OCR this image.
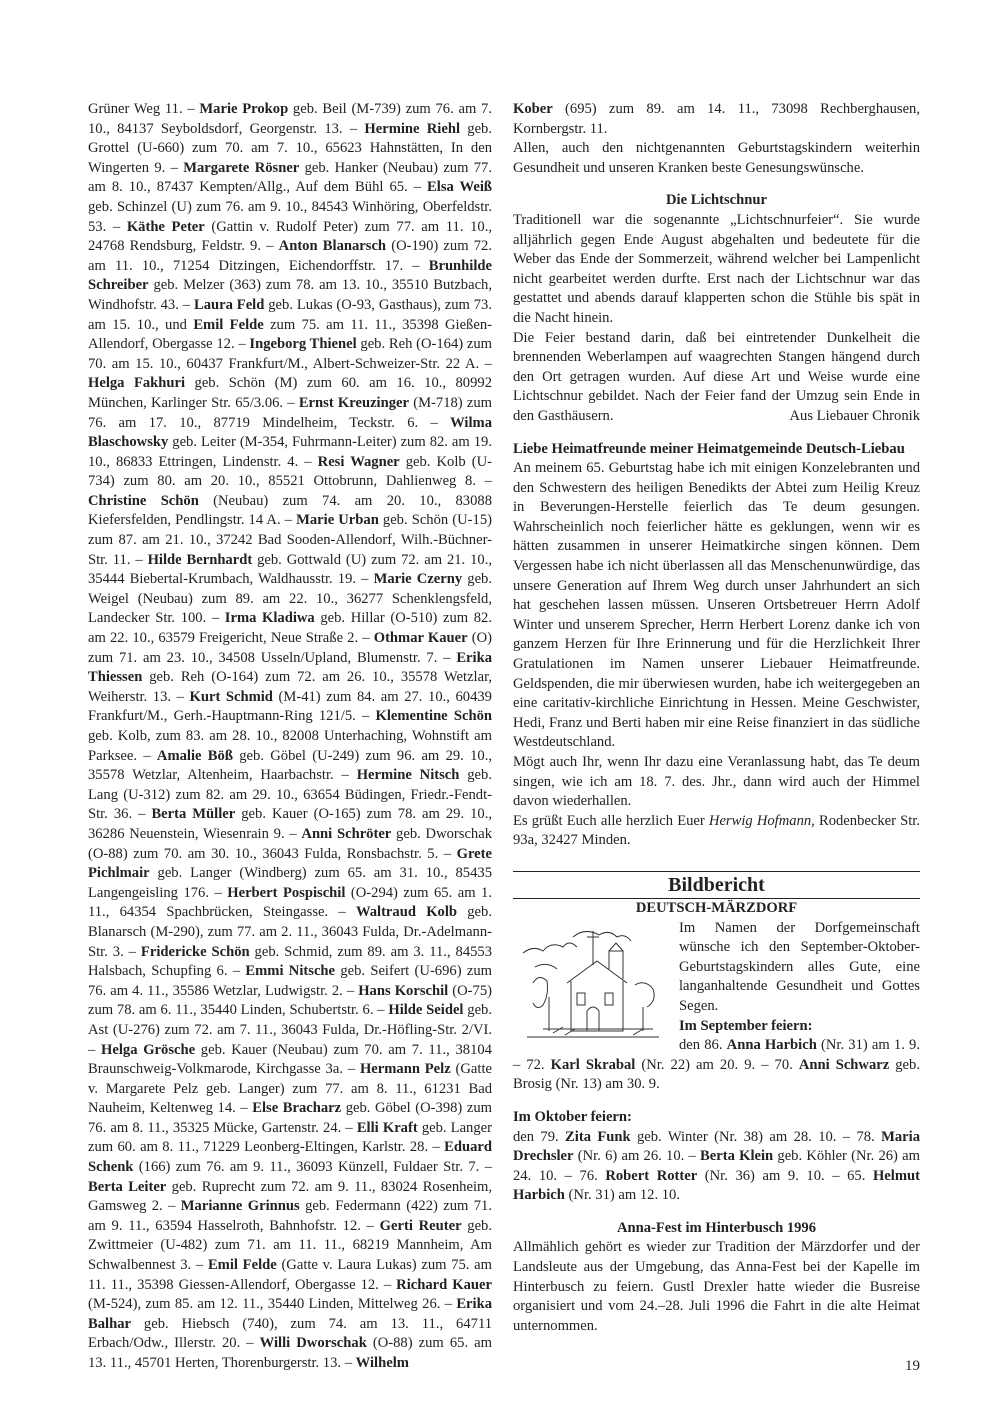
Grüner Weg 11. – Marie Prokop geb. Beil (M-739) zum 76. am 7. 10., 84137 Seyboldsdorf, Georgenstr. 13. – Hermine Riehl geb. Grottel (U-660) zum 70. am 7. 10., 65623 Hahnstätten, In den Wingerten 9. – Margarete Rösner geb. Hanker (Neubau) zum 77. am 8. 10., 87437 Kempten/Allg., Auf dem Bühl 65. – Elsa Weiß geb. Schinzel (U) zum 76. am 9. 10., 84543 Winhöring, Oberfeldstr. 53. – Käthe Peter (Gattin v. Rudolf Peter) zum 77. am 11. 10., 24768 Rendsburg, Feldstr. 9. – Anton Blanarsch (O-190) zum 72. am 11. 10., 71254 Ditzingen, Eichendorffstr. 17. – Brunhilde Schreiber geb. Melzer (363) zum 78. am 13. 10., 35510 Butzbach, Windhofstr. 43. – Laura Feld geb. Lukas (O-93, Gasthaus), zum 73. am 15. 10., und Emil Felde zum 75. am 11. 11., 35398 Gießen-Allendorf, Obergasse 12. – Ingeborg Thienel geb. Reh (O-164) zum 70. am 15. 10., 60437 Frankfurt/M., Albert-Schweizer-Str. 22 A. – Helga Fakhuri geb. Schön (M) zum 60. am 16. 10., 80992 München, Karlinger Str. 65/3.06. – Ernst Kreuzinger (M-718) zum 76. am 17. 10., 87719 Mindelheim, Teckstr. 6. – Wilma Blaschowsky geb. Leiter (M-354, Fuhrmann-Leiter) zum 82. am 19. 10., 86833 Ettringen, Lindenstr. 4. – Resi Wagner geb. Kolb (U-734) zum 80. am 20. 10., 85521 Ottobrunn, Dahlienweg 8. – Christine Schön (Neubau) zum 74. am 20. 10., 83088 Kiefersfelden, Pendlingstr. 14 A. – Marie Urban geb. Schön (U-15) zum 87. am 21. 10., 37242 Bad Sooden-Allendorf, Wilh.-Büchner-Str. 11. – Hilde Bernhardt geb. Gottwald (U) zum 72. am 21. 10., 35444 Biebertal-Krumbach, Waldhausstr. 19. – Marie Czerny geb. Weigel (Neubau) zum 89. am 22. 10., 36277 Schenklengsfeld, Landecker Str. 100. – Irma Kladiwa geb. Hillar (O-510) zum 82. am 22. 10., 63579 Freigericht, Neue Straße 2. – Othmar Kauer (O) zum 71. am 23. 10., 34508 Usseln/Upland, Blumenstr. 7. – Erika Thiessen geb. Reh (O-164) zum 72. am 26. 10., 35578 Wetzlar, Weiherstr. 13. – Kurt Schmid (M-41) zum 84. am 27. 10., 60439 Frankfurt/M., Gerh.-Hauptmann-Ring 121/5. – Klementine Schön geb. Kolb, zum 83. am 28. 10., 82008 Unterhaching, Wohnstift am Parksee. – Amalie Böß geb. Göbel (U-249) zum 96. am 29. 10., 35578 Wetzlar, Altenheim, Haarbachstr. – Hermine Nitsch geb. Lang (U-312) zum 82. am 29. 10., 63654 Büdingen, Friedr.-Fendt-Str. 36. – Berta Müller geb. Kauer (O-165) zum 78. am 29. 10., 36286 Neuenstein, Wiesenrain 9. – Anni Schröter geb. Dworschak (O-88) zum 70. am 30. 10., 36043 Fulda, Ronsbachstr. 5. – Grete Pichlmair geb. Langer (Windberg) zum 65. am 31. 10., 85435 Langengeisling 176. – Herbert Pospischil (O-294) zum 65. am 1. 11., 64354 Spachbrücken, Steingasse. – Waltraud Kolb geb. Blanarsch (M-290), zum 77. am 2. 11., 36043 Fulda, Dr.-Adelmann-Str. 3. – Fridericke Schön geb. Schmid, zum 89. am 3. 11., 84553 Halsbach, Schupfing 6. – Emmi Nitsche geb. Seifert (U-696) zum 76. am 4. 11., 35586 Wetzlar, Ludwigstr. 2. – Hans Korschil (O-75) zum 78. am 6. 11., 35440 Linden, Schubertstr. 6. – Hilde Seidel geb. Ast (U-276) zum 72. am 7. 11., 36043 Fulda, Dr.-Höfling-Str. 2/VI. – Helga Grösche geb. Kauer (Neubau) zum 70. am 7. 11., 38104 Braunschweig-Volkmarode, Kirchgasse 3a. – Hermann Pelz (Gatte v. Margarete Pelz geb. Langer) zum 77. am 8. 11., 61231 Bad Nauheim, Keltenweg 14. – Else Bracharz geb. Göbel (O-398) zum 76. am 8. 11., 35325 Mücke, Gartenstr. 24. – Elli Kraft geb. Langer zum 60. am 8. 11., 71229 Leonberg-Eltingen, Karlstr. 28. – Eduard Schenk (166) zum 76. am 9. 11., 36093 Künzell, Fuldaer Str. 7. – Berta Leiter geb. Ruprecht zum 72. am 9. 11., 83024 Rosenheim, Gamsweg 2. – Marianne Grinnus geb. Federmann (422) zum 71. am 9. 11., 63594 Hasselroth, Bahnhofstr. 12. – Gerti Reuter geb. Zwittmeier (U-482) zum 71. am 11. 11., 68219 Mannheim, Am Schwalbennest 3. – Emil Felde (Gatte v. Laura Lukas) zum 75. am 11. 11., 35398 Giessen-Allendorf, Obergasse 12. – Richard Kauer (M-524), zum 85. am 12. 11., 35440 Linden, Mittelweg 26. – Erika Balhar geb. Hiebsch (740), zum 74. am 13. 11., 64711 Erbach/Odw., Illerstr. 20. – Willi Dworschak (O-88) zum 65. am 13. 11., 45701 Herten, Thorenburgerstr. 13. – Wilhelm

Kober (695) zum 89. am 14. 11., 73098 Rechberghausen, Kornbergstr. 11.

Allen, auch den nichtgenannten Geburtstagskindern weiterhin Gesundheit und unseren Kranken beste Genesungswünsche.

Die Lichtschnur

Traditionell war die sogenannte „Lichtschnurfeier“. Sie wurde alljährlich gegen Ende August abgehalten und bedeutete für die Weber das Ende der Sommerzeit, während welcher bei Lampenlicht nicht gearbeitet werden durfte. Erst nach der Lichtschnur war das gestattet und abends darauf klapperten schon die Stühle bis spät in die Nacht hinein.

Die Feier bestand darin, daß bei eintretender Dunkelheit die brennenden Weberlampen auf waagrechten Stangen hängend durch den Ort getragen wurden. Auf diese Art und Weise wurde eine Lichtschnur gebildet. Nach der Feier fand der Umzug sein Ende in den Gasthäusern.	Aus Liebauer Chronik

Liebe Heimatfreunde meiner Heimatgemeinde Deutsch-Liebau

An meinem 65. Geburtstag habe ich mit einigen Konzelebranten und den Schwestern des heiligen Benedikts der Abtei zum Heilig Kreuz in Beverungen-Herstelle feierlich das Te deum gesungen. Wahrscheinlich noch feierlicher hätte es geklungen, wenn wir es hätten zusammen in unserer Heimatkirche singen können. Dem Vergessen habe ich nicht überlassen all das Menschenunwürdige, das unsere Generation auf Ihrem Weg durch unser Jahrhundert an sich hat geschehen lassen müssen. Unseren Ortsbetreuer Herrn Adolf Winter und unserem Sprecher, Herrn Herbert Lorenz danke ich von ganzem Herzen für Ihre Erinnerung und für die Herzlichkeit Ihrer Gratulationen im Namen unserer Liebauer Heimatfreunde. Geldspenden, die mir überwiesen wurden, habe ich weitergegeben an eine caritativ-kirchliche Einrichtung in Hessen. Meine Geschwister, Hedi, Franz und Berti haben mir eine Reise finanziert in das südliche Westdeutschland.

Mögt auch Ihr, wenn Ihr dazu eine Veranlassung habt, das Te deum singen, wie ich am 18. 7. des. Jhr., dann wird auch der Himmel davon wiederhallen.

Es grüßt Euch alle herzlich Euer Herwig Hofmann, Rodenbecker Str. 93a, 32427 Minden.

Bildbericht

DEUTSCH-MÄRZDORF

Im Namen der Dorfgemeinschaft wünsche ich den September-Oktober-Geburtstagskindern alles Gute, eine langanhaltende Gesundheit und Gottes Segen.

Im September feiern:

den 86. Anna Harbich (Nr. 31) am 1. 9. – 72. Karl Skrabal (Nr. 22) am 20. 9. – 70. Anni Schwarz geb. Brosig (Nr. 13) am 30. 9.

Im Oktober feiern:

den 79. Zita Funk geb. Winter (Nr. 38) am 28. 10. – 78. Maria Drechsler (Nr. 6) am 26. 10. – Berta Klein geb. Köhler (Nr. 26) am 24. 10. – 76. Robert Rotter (Nr. 36) am 9. 10. – 65. Helmut Harbich (Nr. 31) am 12. 10.

Anna-Fest im Hinterbusch 1996

Allmählich gehört es wieder zur Tradition der Märzdorfer und der Landsleute aus der Umgebung, das Anna-Fest bei der Kapelle im Hinterbusch zu feiern. Gustl Drexler hatte wieder die Busreise organisiert und vom 24.–28. Juli 1996 die Fahrt in die alte Heimat unternommen.

19
